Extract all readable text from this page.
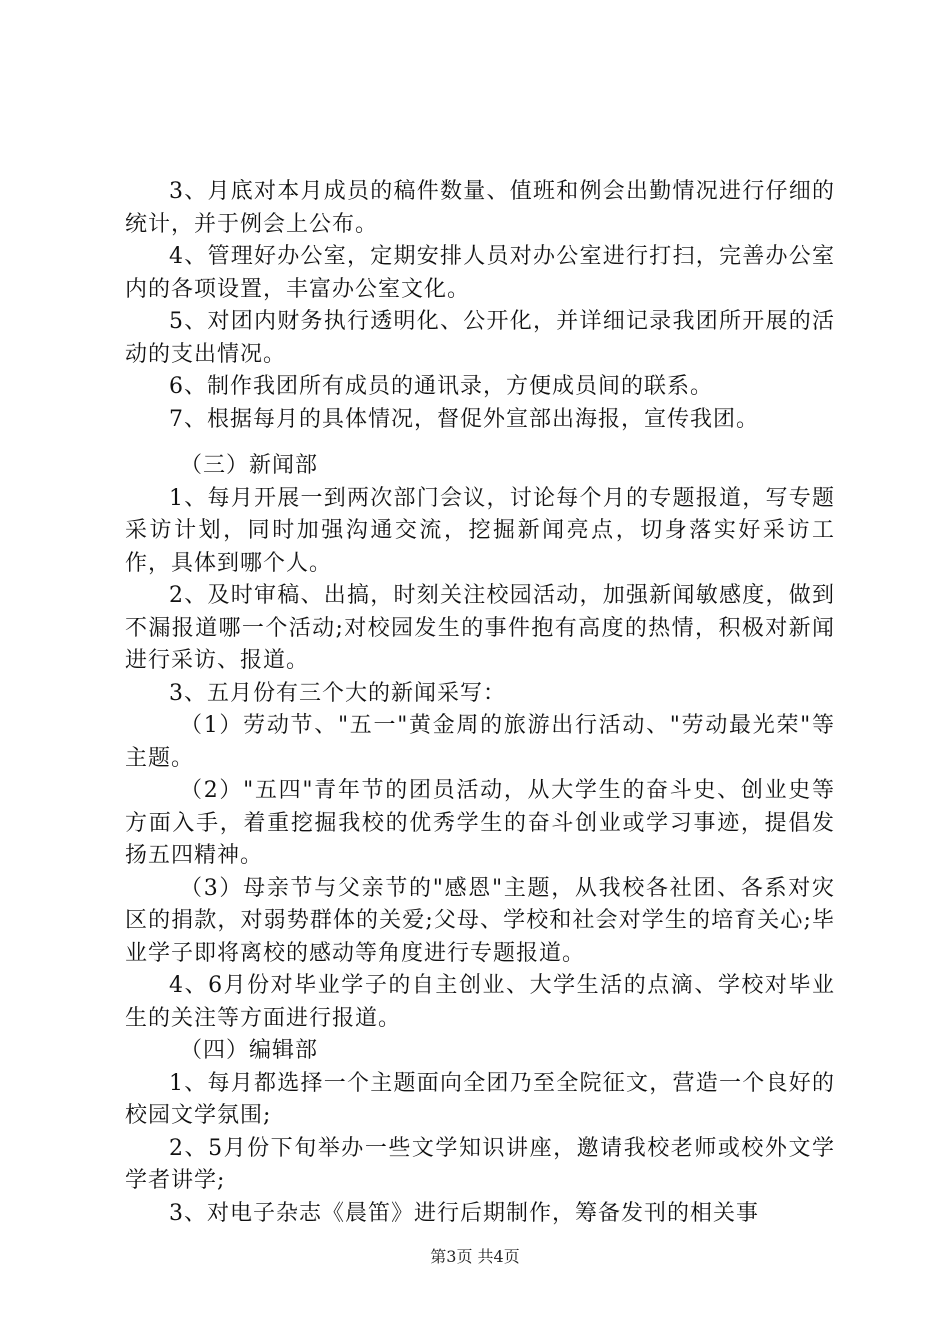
3、月底对本月成员的稿件数量、值班和例会出勤情况进行仔细的统计，并于例会上公布。

4、管理好办公室，定期安排人员对办公室进行打扫，完善办公室内的各项设置，丰富办公室文化。

5、对团内财务执行透明化、公开化，并详细记录我团所开展的活动的支出情况。

6、制作我团所有成员的通讯录，方便成员间的联系。

7、根据每月的具体情况，督促外宣部出海报，宣传我团。

（三）新闻部

1、每月开展一到两次部门会议，讨论每个月的专题报道，写专题采访计划，同时加强沟通交流，挖掘新闻亮点，切身落实好采访工作，具体到哪个人。

2、及时审稿、出搞，时刻关注校园活动，加强新闻敏感度，做到不漏报道哪一个活动;对校园发生的事件抱有高度的热情，积极对新闻进行采访、报道。

3、五月份有三个大的新闻采写：

（1）劳动节、"五一"黄金周的旅游出行活动、"劳动最光荣"等主题。

（2）"五四"青年节的团员活动，从大学生的奋斗史、创业史等方面入手，着重挖掘我校的优秀学生的奋斗创业或学习事迹，提倡发扬五四精神。

（3）母亲节与父亲节的"感恩"主题，从我校各社团、各系对灾区的捐款，对弱势群体的关爱;父母、学校和社会对学生的培育关心;毕业学子即将离校的感动等角度进行专题报道。

4、6月份对毕业学子的自主创业、大学生活的点滴、学校对毕业生的关注等方面进行报道。

（四）编辑部

1、每月都选择一个主题面向全团乃至全院征文，营造一个良好的校园文学氛围;

2、5月份下旬举办一些文学知识讲座，邀请我校老师或校外文学学者讲学;

3、对电子杂志《晨笛》进行后期制作，筹备发刊的相关事

第3页 共4页
